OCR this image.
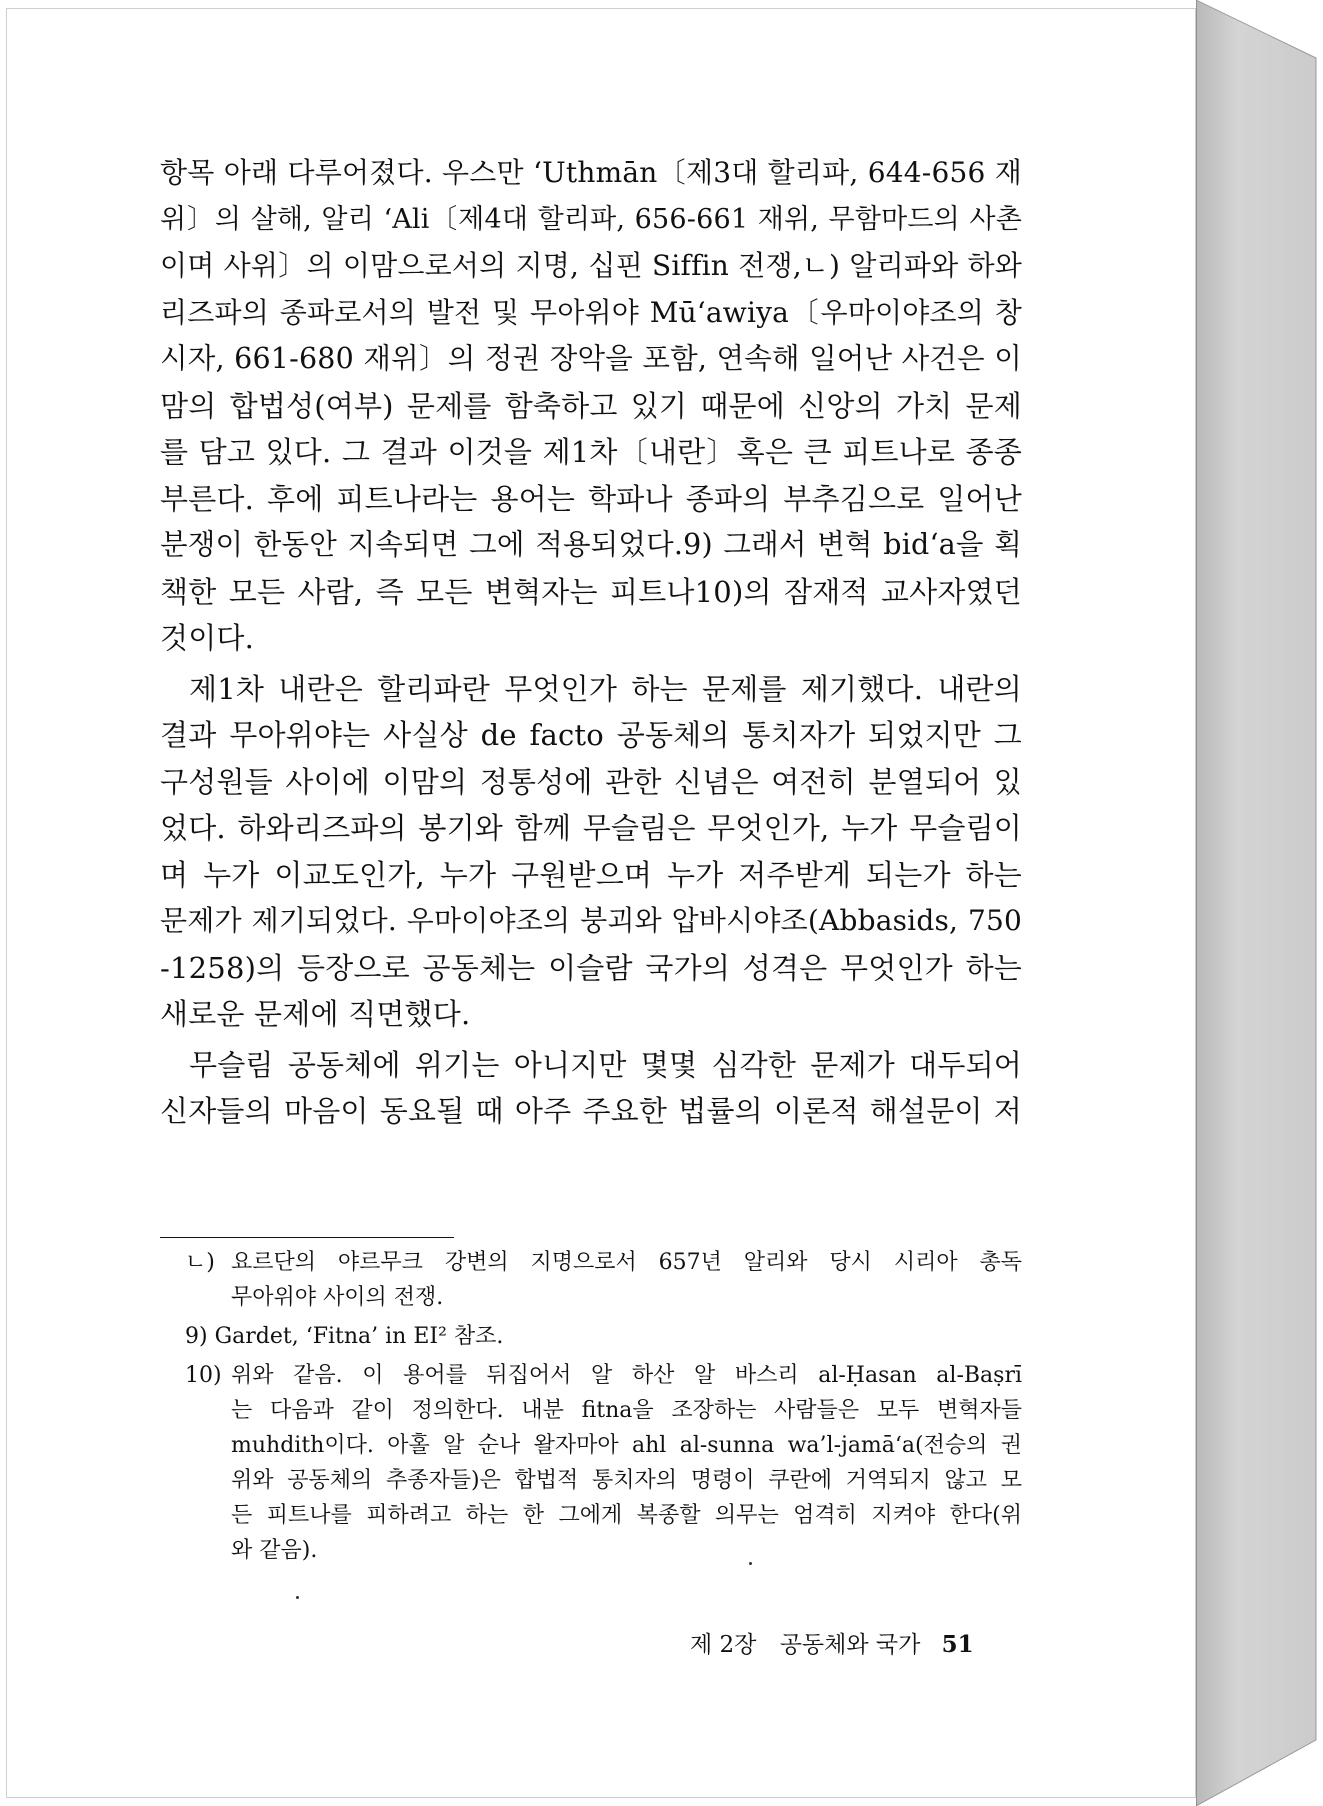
항목 아래 다루어졌다. 우스만 ‘Uthmān〔제3대 할리파, 644-656 재
위〕의 살해, 알리 ‘Ali〔제4대 할리파, 656-661 재위, 무함마드의 사촌
이며 사위〕의 이맘으로서의 지명, 십핀 Siffin 전쟁,ㄴ) 알리파와 하와
리즈파의 종파로서의 발전 및 무아위야 Mū‘awiya〔우마이야조의 창
시자, 661-680 재위〕의 정권 장악을 포함, 연속해 일어난 사건은 이
맘의 합법성(여부) 문제를 함축하고 있기 때문에 신앙의 가치 문제
를 담고 있다. 그 결과 이것을 제1차〔내란〕혹은 큰 피트나로 종종
부른다. 후에 피트나라는 용어는 학파나 종파의 부추김으로 일어난
분쟁이 한동안 지속되면 그에 적용되었다.9) 그래서 변혁 bid‘a을 획
책한 모든 사람, 즉 모든 변혁자는 피트나10)의 잠재적 교사자였던
것이다.

제1차 내란은 할리파란 무엇인가 하는 문제를 제기했다. 내란의
결과 무아위야는 사실상 de facto 공동체의 통치자가 되었지만 그
구성원들 사이에 이맘의 정통성에 관한 신념은 여전히 분열되어 있
었다. 하와리즈파의 봉기와 함께 무슬림은 무엇인가, 누가 무슬림이
며 누가 이교도인가, 누가 구원받으며 누가 저주받게 되는가 하는
문제가 제기되었다. 우마이야조의 붕괴와 압바시야조(Abbasids, 750
-1258)의 등장으로 공동체는 이슬람 국가의 성격은 무엇인가 하는
새로운 문제에 직면했다.

무슬림 공동체에 위기는 아니지만 몇몇 심각한 문제가 대두되어
신자들의 마음이 동요될 때 아주 주요한 법률의 이론적 해설문이 저

ㄴ) 요르단의 야르무크 강변의 지명으로서 657년 알리와 당시 시리아 총독
무아위야 사이의 전쟁.
9) Gardet, ‘Fitna’ in EI² 참조.
10) 위와 같음. 이 용어를 뒤집어서 알 하산 알 바스리 al-Ḥasan al-Baṣrī
는 다음과 같이 정의한다. 내분 fitna을 조장하는 사람들은 모두 변혁자들
muhdith이다. 아홀 알 순나 왈자마아 ahl al-sunna wa’l-jamā‘a(전승의 권
위와 공동체의 추종자들)은 합법적 통치자의 명령이 쿠란에 거역되지 않고 모
든 피트나를 피하려고 하는 한 그에게 복종할 의무는 엄격히 지켜야 한다(위
와 같음).
제 2장 공동체와 국가 51
